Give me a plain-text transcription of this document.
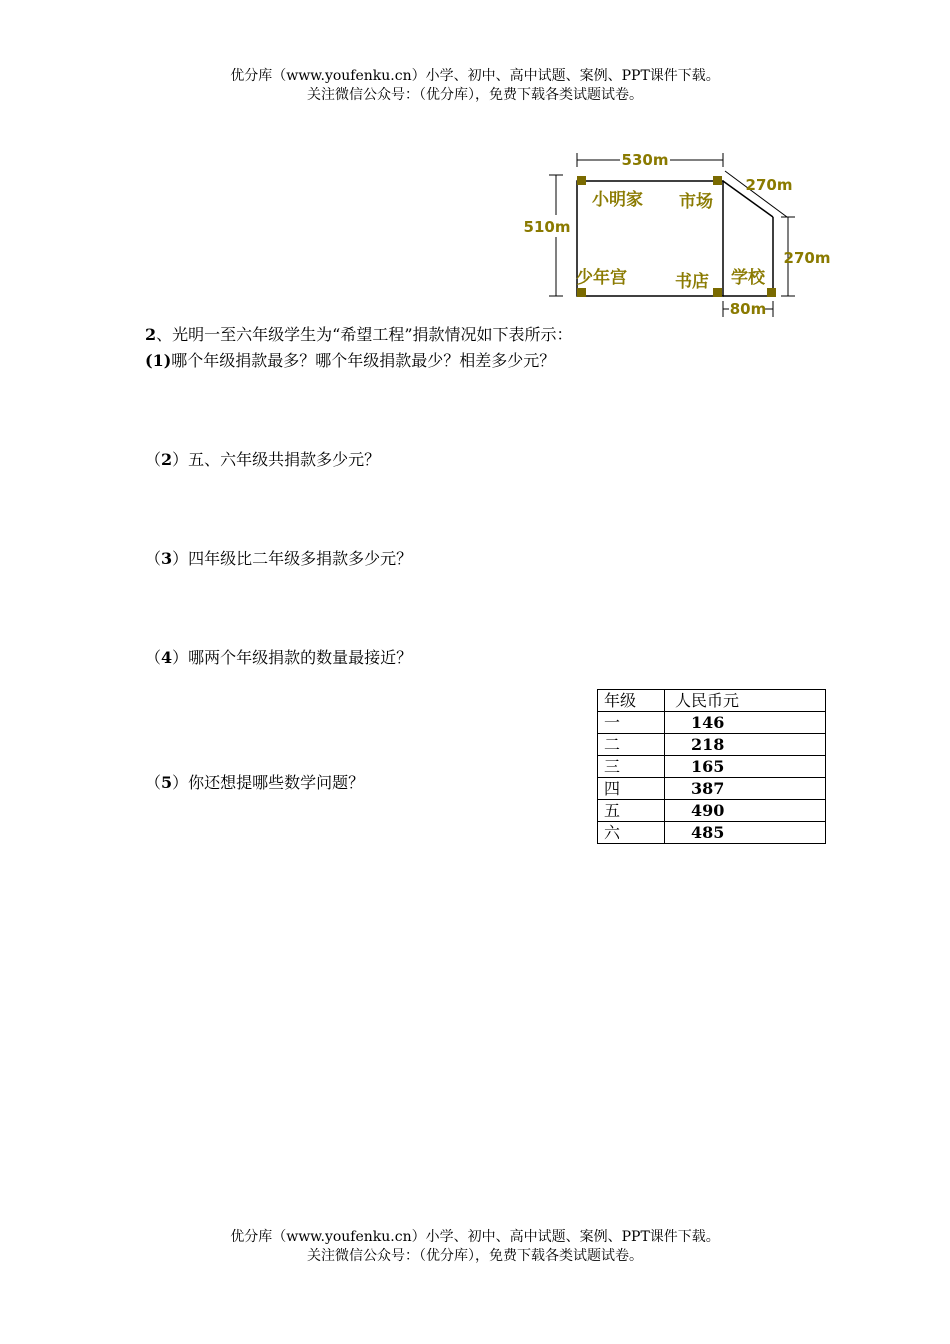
优分库（www.youfenku.cn）小学、初中、高中试题、案例、PPT课件下载。
关注微信公众号：（优分库），免费下载各类试题试卷。
530m
510m
270m
270m
80m
小明家 市场
少年宫	书店 学校
2、光明一至六年级学生为“希望工程”捐款情况如下表所示：
(1)哪个年级捐款最多？哪个年级捐款最少？相差多少元？
（2）五、六年级共捐款多少元？
（3）四年级比二年级多捐款多少元？
（4）哪两个年级捐款的数量最接近？
（5）你还想提哪些数学问题？
年级	人民币元
一	146
二	218
三	165
四	387
五	490
六	485
优分库（www.youfenku.cn）小学、初中、高中试题、案例、PPT课件下载。
关注微信公众号：（优分库），免费下载各类试题试卷。
